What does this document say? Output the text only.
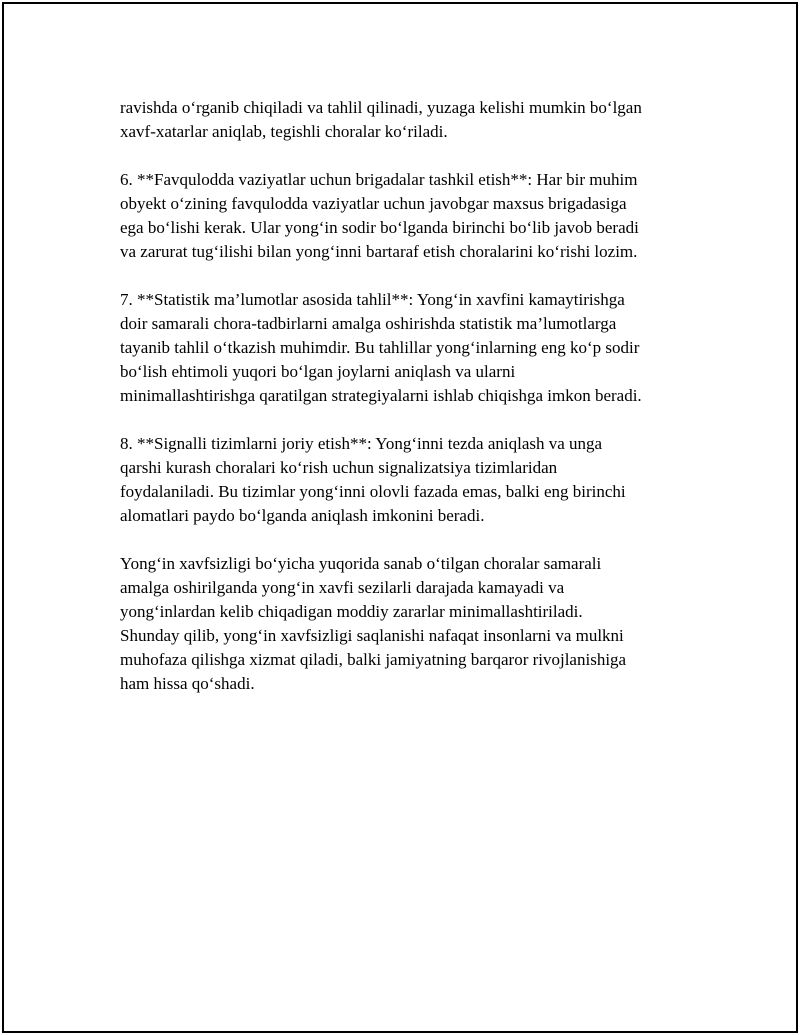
ravishda o‘rganib chiqiladi va tahlil qilinadi, yuzaga kelishi mumkin bo‘lgan
xavf-xatarlar aniqlab, tegishli choralar ko‘riladi.

6. **Favqulodda vaziyatlar uchun brigadalar tashkil etish**: Har bir muhim
obyekt o‘zining favqulodda vaziyatlar uchun javobgar maxsus brigadasiga
ega bo‘lishi kerak. Ular yong‘in sodir bo‘lganda birinchi bo‘lib javob beradi
va zarurat tug‘ilishi bilan yong‘inni bartaraf etish choralarini ko‘rishi lozim.

7. **Statistik ma’lumotlar asosida tahlil**: Yong‘in xavfini kamaytirishga
doir samarali chora-tadbirlarni amalga oshirishda statistik ma’lumotlarga
tayanib tahlil o‘tkazish muhimdir. Bu tahlillar yong‘inlarning eng ko‘p sodir
bo‘lish ehtimoli yuqori bo‘lgan joylarni aniqlash va ularni
minimallashtirishga qaratilgan strategiyalarni ishlab chiqishga imkon beradi.

8. **Signalli tizimlarni joriy etish**: Yong‘inni tezda aniqlash va unga
qarshi kurash choralari ko‘rish uchun signalizatsiya tizimlaridan
foydalaniladi. Bu tizimlar yong‘inni olovli fazada emas, balki eng birinchi
alomatlari paydo bo‘lganda aniqlash imkonini beradi.

Yong‘in xavfsizligi bo‘yicha yuqorida sanab o‘tilgan choralar samarali
amalga oshirilganda yong‘in xavfi sezilarli darajada kamayadi va
yong‘inlardan kelib chiqadigan moddiy zararlar minimallashtiriladi.
Shunday qilib, yong‘in xavfsizligi saqlanishi nafaqat insonlarni va mulkni
muhofaza qilishga xizmat qiladi, balki jamiyatning barqaror rivojlanishiga
ham hissa qo‘shadi.
